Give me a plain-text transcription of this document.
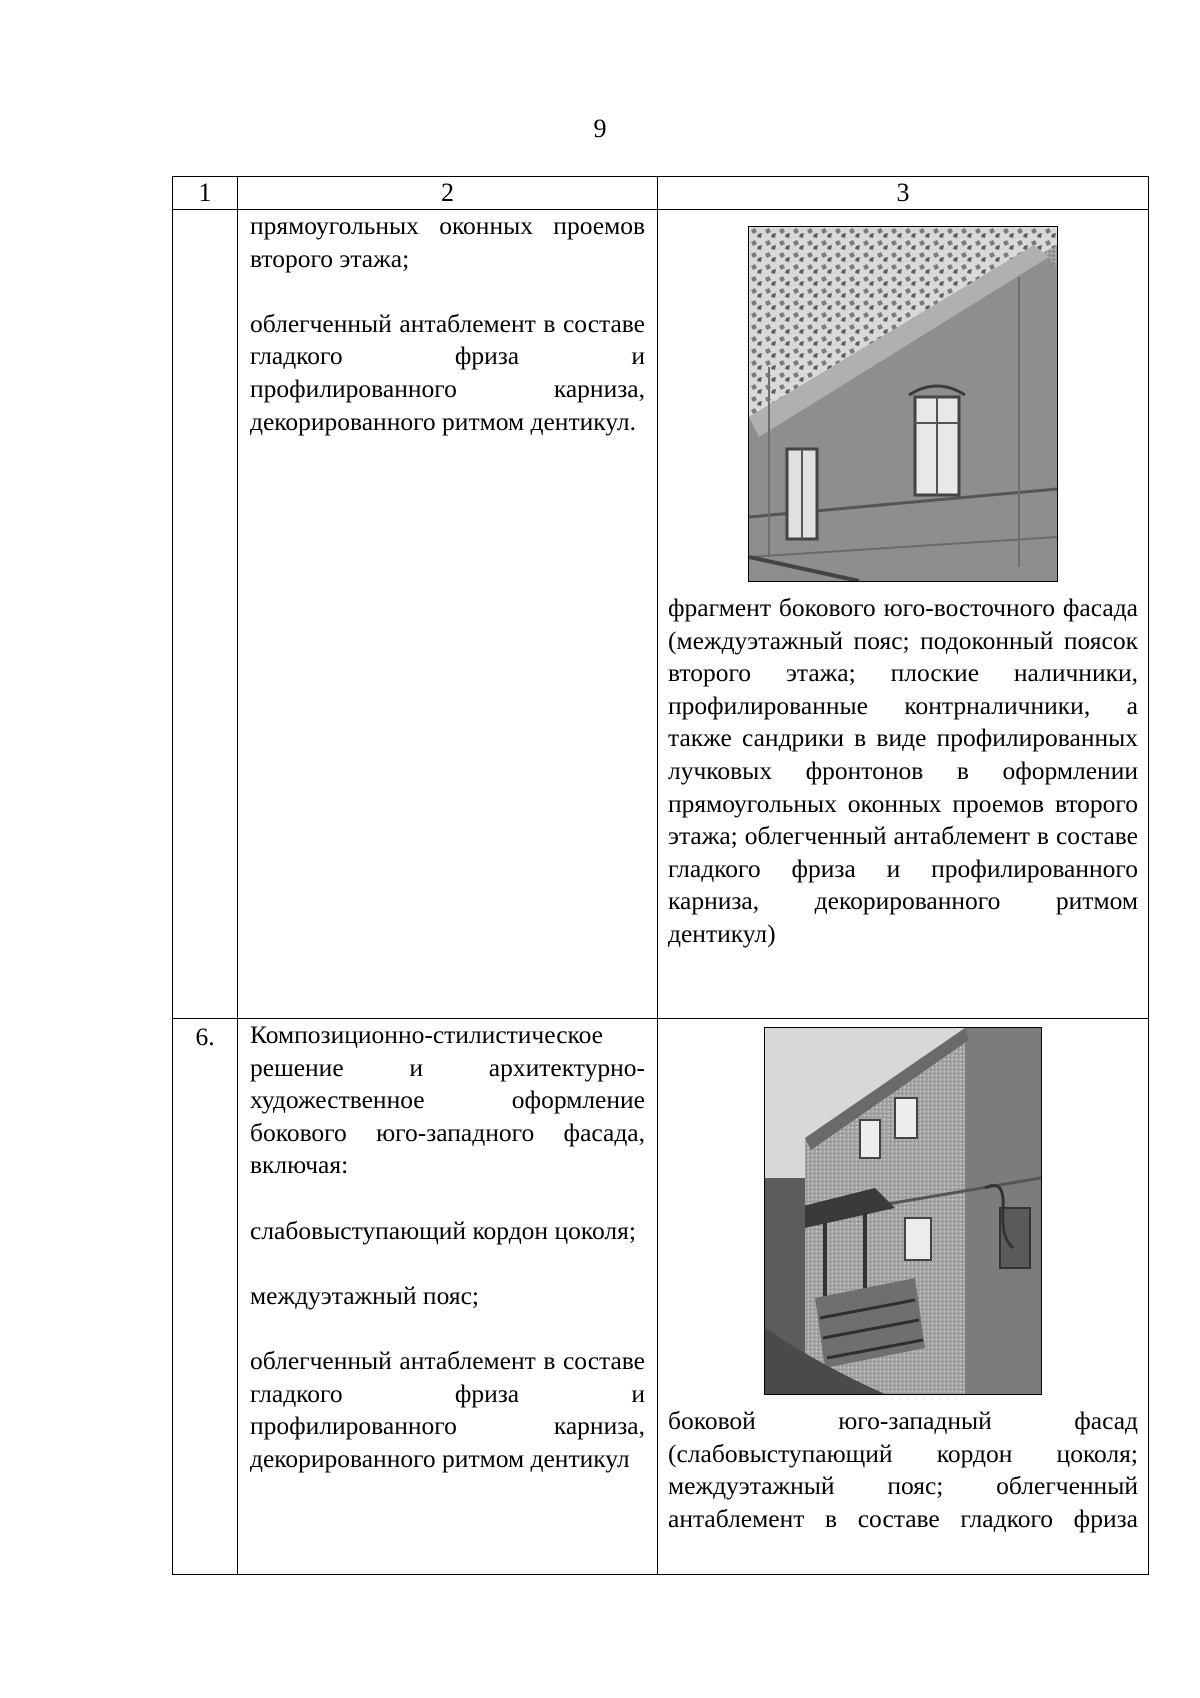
9
1	2	3

	прямоугольных оконных проемов второго этажа;

облегченный антаблемент в составе гладкого фриза и профилированного карниза, декорированного ритмом дентикул.	фрагмент бокового юго-восточного фасада (междуэтажный пояс; подоконный поясок второго этажа; плоские наличники, профилированные контрналичники, а также сандрики в виде профилированных лучковых фронтонов в оформлении прямоугольных оконных проемов второго этажа; облегченный антаблемент в составе гладкого фриза и профилированного карниза, декорированного ритмом дентикул)

6.	Композиционно-стилистическое решение и архитектурно-художественное оформление бокового юго-западного фасада, включая:

слабовыступающий кордон цоколя;

междуэтажный пояс;

облегченный антаблемент в составе гладкого фриза и профилированного карниза, декорированного ритмом дентикул	боковой юго-западный фасад (слабовыступающий кордон цоколя; междуэтажный пояс; облегченный антаблемент в составе гладкого фриза
